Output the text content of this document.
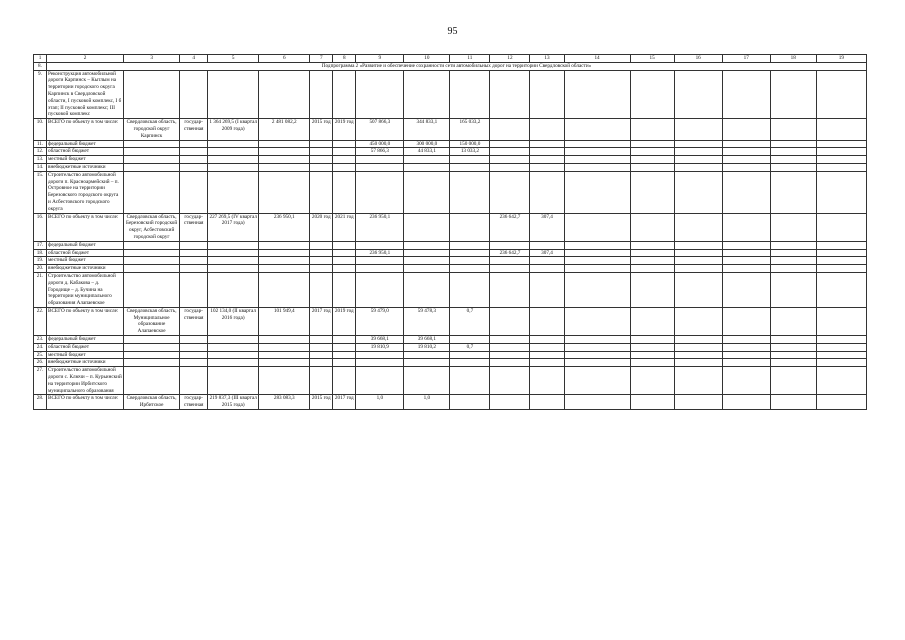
95
1	2	3	4	5	6	7	8	9	10	11	12	13	14	15	16	17	18	19
8.	Подпрограмма 2 «Развитие и обеспечение сохранности сети автомобильных дорог на территории Свердловской области»																	
9.	Реконструкция автомобильной дороги Карпинск – Кытлым на территории городского округа Карпинск в Свердловской области, I пусковой комплекс, I б этап; II пусковой комплекс; III пусковой комплекс																	
10.	ВСЕГО по объекту в том числе:	Свердловская область, городской округ Карпинск	государ-ственная	1 364 269,5 (I квартал 2009 года)	2 481 082,2	2015 год	2019 год	507 866,3	344 833,1	165 033,2								
11.	федеральный бюджет							450 000,0	300 000,0	150 000,0								
12.	областной бюджет							57 866,3	44 833,1	13 033,2								
13.	местный бюджет																	
14.	внебюджетные источники																	
15.	Строительство автомобильной дороги п. Красноармейский – п. Островное на территории Березовского городского округа и Асбестовского городского округа																	
16.	ВСЕГО по объекту в том числе:	Свердловская область, Березовский городской округ, Асбестовский городской округ	государ-ственная	227 269,5 (IV квартал 2017 года)	236 950,1	2020 год	2021 год	236 950,1			236 642,7	307,4						
17.	федеральный бюджет																	
18.	областной бюджет							236 950,1			236 642,7	307,4						
19.	местный бюджет																	
20.	внебюджетные источники																	
21.	Строительство автомобильной дороги д. Кабакова – д. Городище – д. Бучина на территории муниципального образования Алапаевское																	
22.	ВСЕГО по объекту в том числе:	Свердловская область, Муниципальное образование Алапаевское	государ-ственная	102 134,0 (II квартал 2016 года)	101 949,4	2017 год	2019 год	59 479,0	59 478,3	0,7								
23.	федеральный бюджет							39 668,1	39 668,1									
24.	областной бюджет							19 810,9	19 810,2	0,7								
25.	местный бюджет																	
26.	внебюджетные источники																	
27.	Строительство автомобильной дороги с. Ключи – п. Курьинский на территории Ирбитского муниципального образования																	
28.	ВСЕГО по объекту в том числе:	Свердловская область, Ирбитское	государ-ственная	219 837,3 (III квартал 2015 года)	283 083,3	2015 год	2017 год	1,0	1,0									
